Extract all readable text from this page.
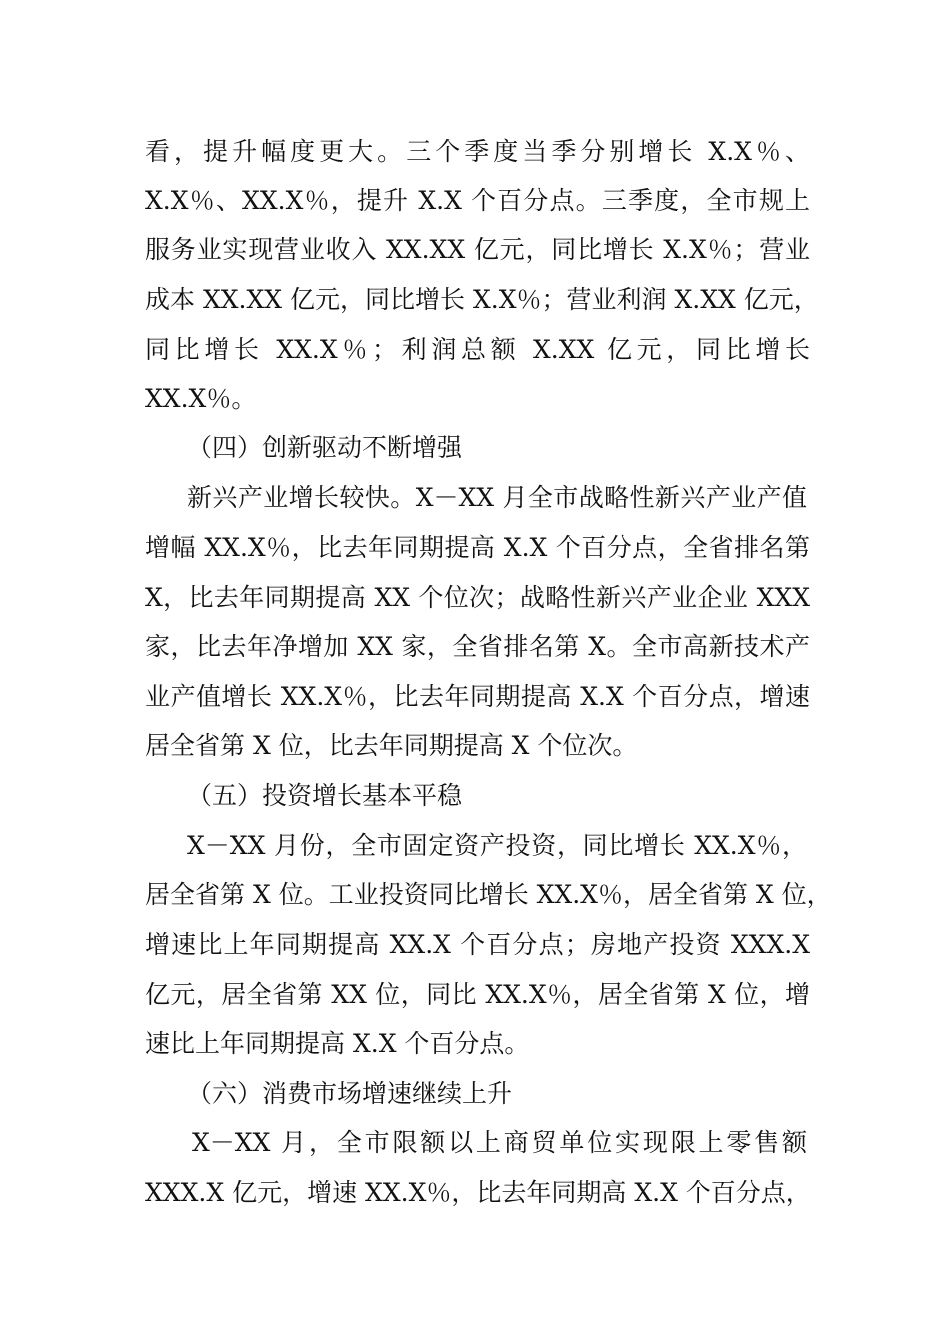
看，提升幅度更大。三个季度当季分别增长 X.X％、
X.X％、XX.X％，提升 X.X 个百分点。三季度，全市规上
服务业实现营业收入 XX.XX 亿元，同比增长 X.X％；营业
成本 XX.XX 亿元，同比增长 X.X％；营业利润 X.XX 亿元，
同比增长 XX.X％；利润总额 X.XX 亿元，同比增长
XX.X％。
（四）创新驱动不断增强
新兴产业增长较快。X－XX 月全市战略性新兴产业产值
增幅 XX.X％，比去年同期提高 X.X 个百分点，全省排名第
X，比去年同期提高 XX 个位次；战略性新兴产业企业 XXX
家，比去年净增加 XX 家，全省排名第 X。全市高新技术产
业产值增长 XX.X％，比去年同期提高 X.X 个百分点，增速
居全省第 X 位，比去年同期提高 X 个位次。
（五）投资增长基本平稳
X－XX 月份，全市固定资产投资，同比增长 XX.X％，
居全省第 X 位。工业投资同比增长 XX.X％，居全省第 X 位，
增速比上年同期提高 XX.X 个百分点；房地产投资 XXX.X
亿元，居全省第 XX 位，同比 XX.X％，居全省第 X 位，增
速比上年同期提高 X.X 个百分点。
（六）消费市场增速继续上升
X－XX 月，全市限额以上商贸单位实现限上零售额
XXX.X 亿元，增速 XX.X％，比去年同期高 X.X 个百分点，
